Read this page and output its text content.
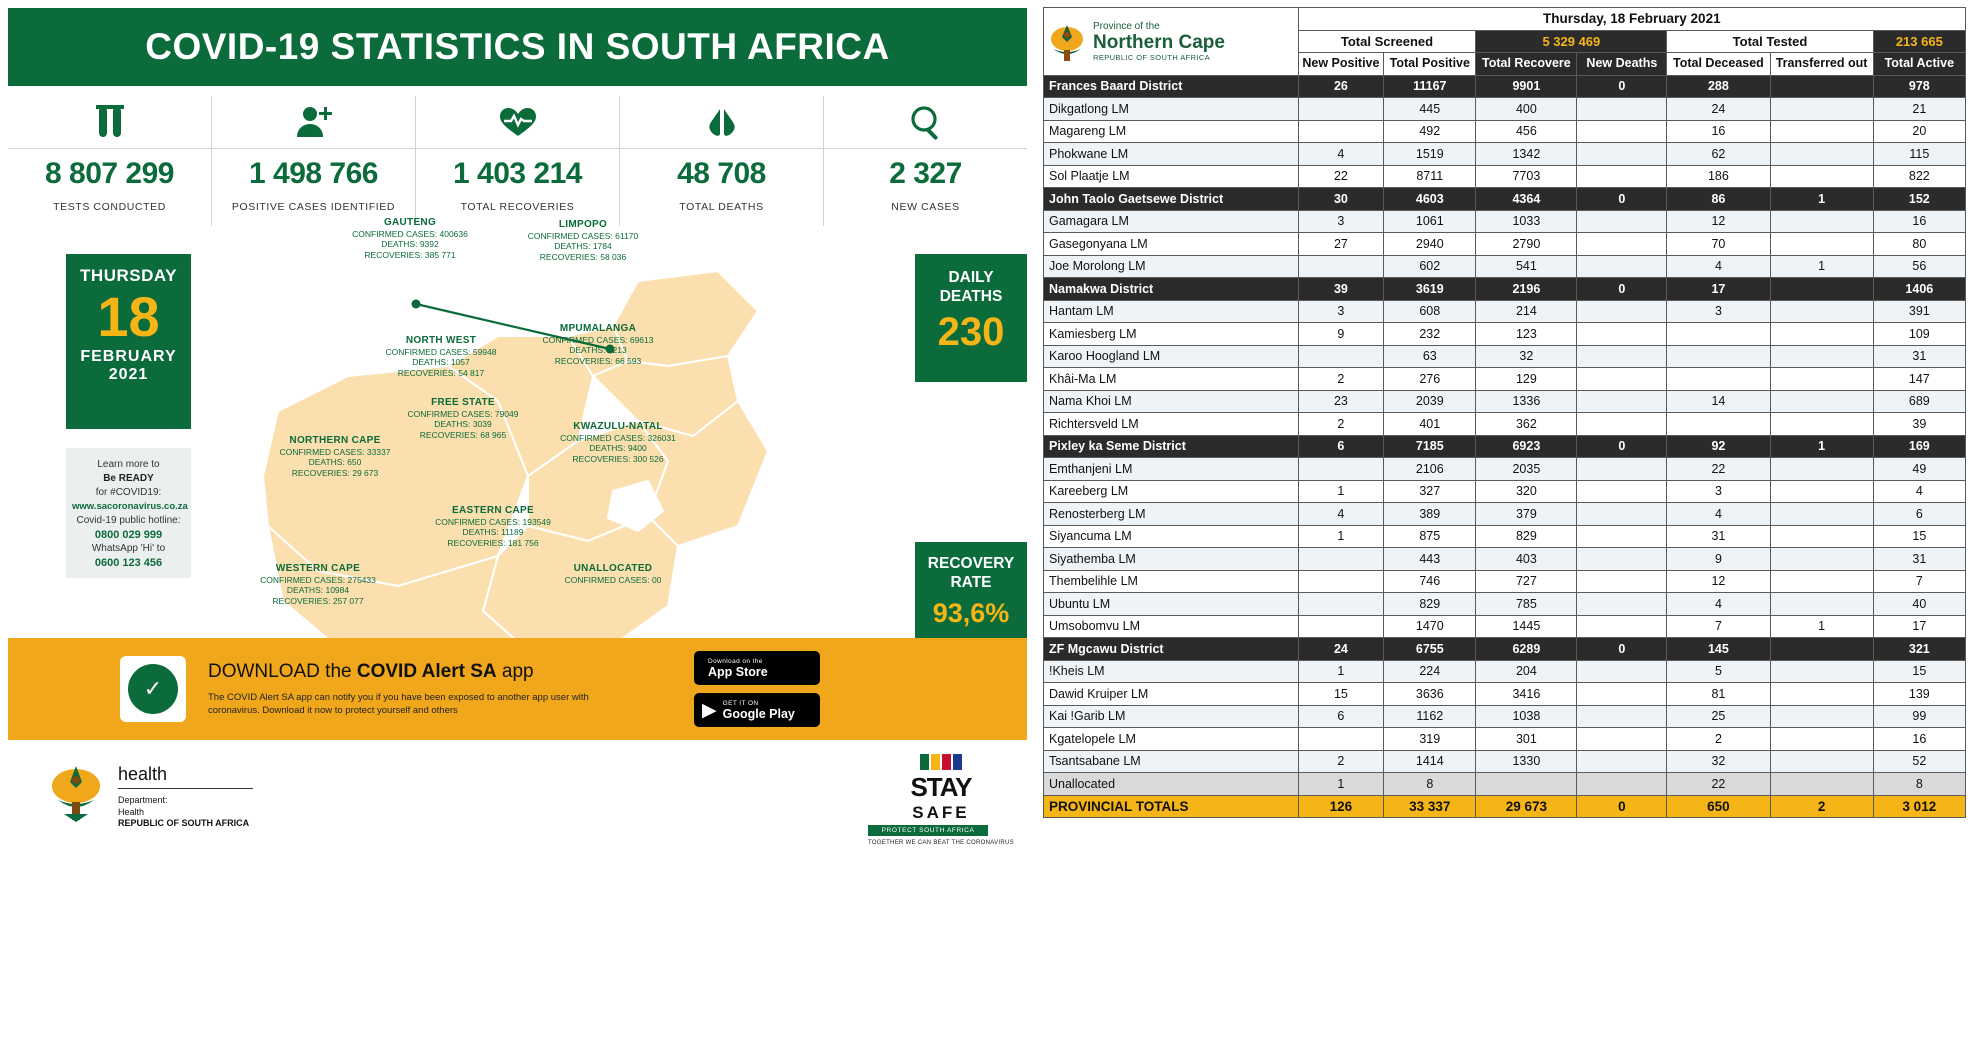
COVID-19 STATISTICS IN SOUTH AFRICA
8 807 299
TESTS CONDUCTED
1 498 766
POSITIVE CASES IDENTIFIED
1 403 214
TOTAL RECOVERIES
48 708
TOTAL DEATHS
2 327
NEW CASES
THURSDAY
18
FEBRUARY
2021
Learn more to
Be READY
for #COVID19:
www.sacoronavirus.co.za
Covid-19 public hotline:
0800 029 999
WhatsApp 'Hi' to
0600 123 456
DAILY
DEATHS
230
RECOVERY
RATE
93,6%
GAUTENG
CONFIRMED CASES: 400636
DEATHS: 9392
RECOVERIES: 385 771
LIMPOPO
CONFIRMED CASES: 61170
DEATHS: 1784
RECOVERIES: 58 036
MPUMALANGA
CONFIRMED CASES: 69613
DEATHS: 1213
RECOVERIES: 66 593
NORTH WEST
CONFIRMED CASES: 59948
DEATHS: 1057
RECOVERIES: 54 817
FREE STATE
CONFIRMED CASES: 79049
DEATHS: 3039
RECOVERIES: 68 965
KWAZULU-NATAL
CONFIRMED CASES: 326031
DEATHS: 9400
RECOVERIES: 300 526
NORTHERN CAPE
CONFIRMED CASES: 33337
DEATHS: 650
RECOVERIES: 29 673
EASTERN CAPE
CONFIRMED CASES: 193549
DEATHS: 11189
RECOVERIES: 181 756
WESTERN CAPE
CONFIRMED CASES: 275433
DEATHS: 10984
RECOVERIES: 257 077
UNALLOCATED
CONFIRMED CASES: 00
✓
DOWNLOAD the COVID Alert SA app
The COVID Alert SA app can notify you if you have been exposed to another app user with coronavirus. Download it now to protect yourself and others
Download on the
App Store
▶ GET IT ON
Google Play
health
Department:
Health
REPUBLIC OF SOUTH AFRICA
STAY
SAFE
PROTECT SOUTH AFRICA
TOGETHER WE CAN BEAT THE CORONAVIRUS
Province of the
Northern Cape
REPUBLIC OF SOUTH AFRICA	Thursday, 18 February 2021						
	Total Screened		5 329 469		Total Tested		213 665
	New Positive	Total Positive	Total Recovere	New Deaths	Total Deceased	Transferred out	Total Active
Frances Baard District	26	11167	9901	0	288		978
Dikgatlong LM		445	400		24		21
Magareng LM		492	456		16		20
Phokwane LM	4	1519	1342		62		115
Sol Plaatje LM	22	8711	7703		186		822
John Taolo Gaetsewe District	30	4603	4364	0	86	1	152
Gamagara LM	3	1061	1033		12		16
Gasegonyana LM	27	2940	2790		70		80
Joe Morolong LM		602	541		4	1	56
Namakwa District	39	3619	2196	0	17		1406
Hantam LM	3	608	214		3		391
Kamiesberg LM	9	232	123				109
Karoo Hoogland LM		63	32				31
Khâi-Ma LM	2	276	129				147
Nama Khoi LM	23	2039	1336		14		689
Richtersveld LM	2	401	362				39
Pixley ka Seme District	6	7185	6923	0	92	1	169
Emthanjeni LM		2106	2035		22		49
Kareeberg LM	1	327	320		3		4
Renosterberg LM	4	389	379		4		6
Siyancuma LM	1	875	829		31		15
Siyathemba LM		443	403		9		31
Thembelihle LM		746	727		12		7
Ubuntu LM		829	785		4		40
Umsobomvu LM		1470	1445		7	1	17
ZF Mgcawu District	24	6755	6289	0	145		321
!Kheis LM	1	224	204		5		15
Dawid Kruiper LM	15	3636	3416		81		139
Kai !Garib LM	6	1162	1038		25		99
Kgatelopele LM		319	301		2		16
Tsantsabane LM	2	1414	1330		32		52
Unallocated	1	8			22		8
PROVINCIAL TOTALS	126	33 337	29 673	0	650	2	3 012
